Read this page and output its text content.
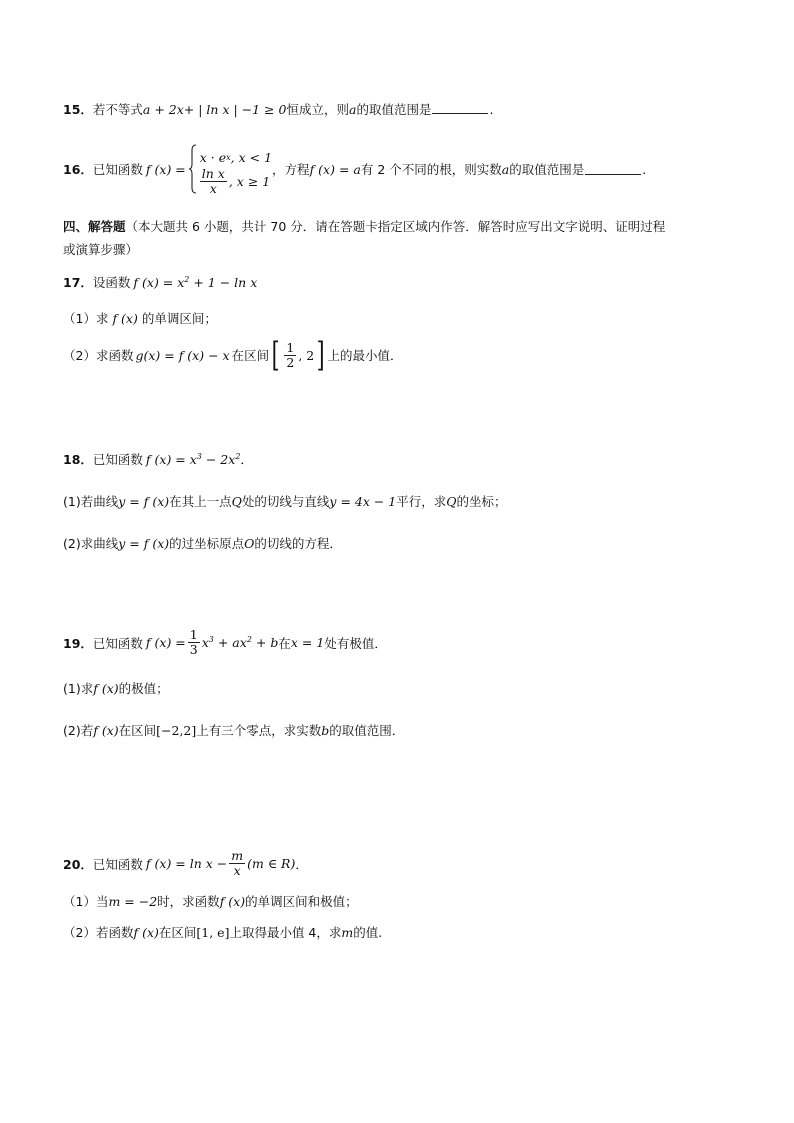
15．若不等式a + 2x+ | ln x | −1 ≥ 0恒成立，则a的取值范围是	.
16． 已知函数 f (x) =
x · e x , x < 1
$\frac{\text{ln x}}{x}$ , x ≥ 1
，方程 f (x) = a 有 2 个不同的根，则实数 a 的取值范围是	.
四、解答题（本大题共 6 小题，共计 70 分．请在答题卡指定区域内作答．解答时应写出文字说明、证明过程
或演算步骤）
17．设函数 f $(x) = x^2 + 1 - \ln x$
（1）求 f (x) 的单调区间；
（2） 求函数 g(x) = f (x) − x 在区间 [ $\frac{1}{2}$ , 2 ] 上的最小值．
18．已知函数 f $(x) = x^3 - 2x^2$．
(1)若曲线y = f (x)在其上一点Q处的切线与直线y = 4x − 1平行，求Q的坐标；
(2)求曲线y = f (x)的过坐标原点O的切线的方程．
19． 已知函数 f $(x) = \frac{1}{3} x^3 + ax^2 + b$ 在 x = 1 处有极值．
(1)求f (x)的极值；
(2)若f (x)在区间[−2,2]上有三个零点，求实数b的取值范围．
20． 已知函数 f $(x) = \ln x - \frac{m}{x} (m$ ∈ R) ．
（1）当m = −2时，求函数f (x)的单调区间和极值；
（2）若函数f (x)在区间[1, e]上取得最小值 4，求m的值.
